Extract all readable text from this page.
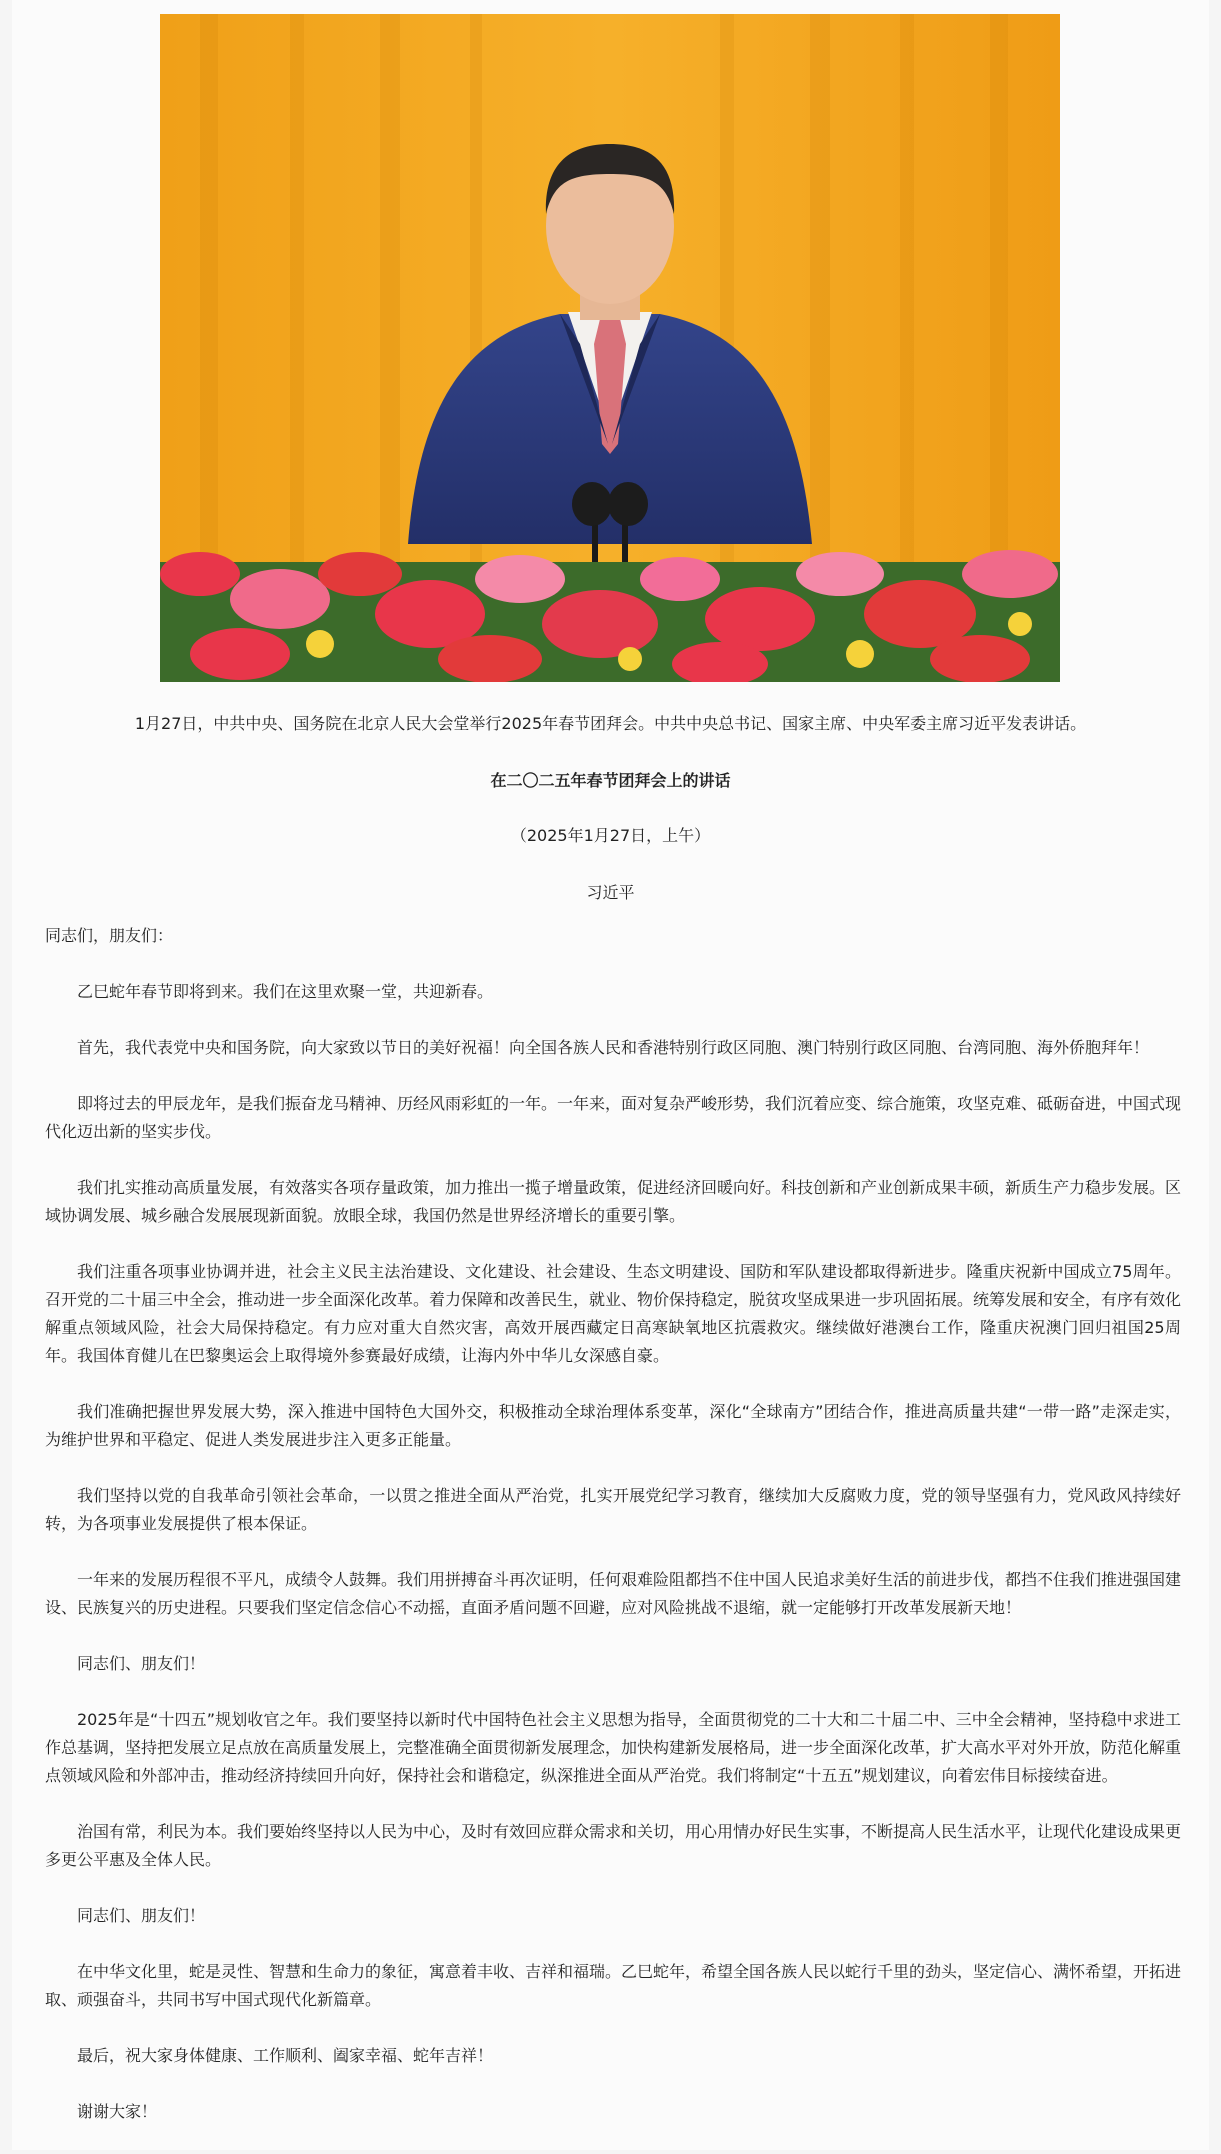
1月27日，中共中央、国务院在北京人民大会堂举行2025年春节团拜会。中共中央总书记、国家主席、中央军委主席习近平发表讲话。
在二〇二五年春节团拜会上的讲话
（2025年1月27日，上午）
习近平

同志们，朋友们：

乙巳蛇年春节即将到来。我们在这里欢聚一堂，共迎新春。

首先，我代表党中央和国务院，向大家致以节日的美好祝福！向全国各族人民和香港特别行政区同胞、澳门特别行政区同胞、台湾同胞、海外侨胞拜年！

即将过去的甲辰龙年，是我们振奋龙马精神、历经风雨彩虹的一年。一年来，面对复杂严峻形势，我们沉着应变、综合施策，攻坚克难、砥砺奋进，中国式现代化迈出新的坚实步伐。

我们扎实推动高质量发展，有效落实各项存量政策，加力推出一揽子增量政策，促进经济回暖向好。科技创新和产业创新成果丰硕，新质生产力稳步发展。区域协调发展、城乡融合发展展现新面貌。放眼全球，我国仍然是世界经济增长的重要引擎。

我们注重各项事业协调并进，社会主义民主法治建设、文化建设、社会建设、生态文明建设、国防和军队建设都取得新进步。隆重庆祝新中国成立75周年。召开党的二十届三中全会，推动进一步全面深化改革。着力保障和改善民生，就业、物价保持稳定，脱贫攻坚成果进一步巩固拓展。统筹发展和安全，有序有效化解重点领域风险，社会大局保持稳定。有力应对重大自然灾害，高效开展西藏定日高寒缺氧地区抗震救灾。继续做好港澳台工作，隆重庆祝澳门回归祖国25周年。我国体育健儿在巴黎奥运会上取得境外参赛最好成绩，让海内外中华儿女深感自豪。

我们准确把握世界发展大势，深入推进中国特色大国外交，积极推动全球治理体系变革，深化“全球南方”团结合作，推进高质量共建“一带一路”走深走实，为维护世界和平稳定、促进人类发展进步注入更多正能量。

我们坚持以党的自我革命引领社会革命，一以贯之推进全面从严治党，扎实开展党纪学习教育，继续加大反腐败力度，党的领导坚强有力，党风政风持续好转，为各项事业发展提供了根本保证。

一年来的发展历程很不平凡，成绩令人鼓舞。我们用拼搏奋斗再次证明，任何艰难险阻都挡不住中国人民追求美好生活的前进步伐，都挡不住我们推进强国建设、民族复兴的历史进程。只要我们坚定信念信心不动摇，直面矛盾问题不回避，应对风险挑战不退缩，就一定能够打开改革发展新天地！

同志们、朋友们！

2025年是“十四五”规划收官之年。我们要坚持以新时代中国特色社会主义思想为指导，全面贯彻党的二十大和二十届二中、三中全会精神，坚持稳中求进工作总基调，坚持把发展立足点放在高质量发展上，完整准确全面贯彻新发展理念，加快构建新发展格局，进一步全面深化改革，扩大高水平对外开放，防范化解重点领域风险和外部冲击，推动经济持续回升向好，保持社会和谐稳定，纵深推进全面从严治党。我们将制定“十五五”规划建议，向着宏伟目标接续奋进。

治国有常，利民为本。我们要始终坚持以人民为中心，及时有效回应群众需求和关切，用心用情办好民生实事，不断提高人民生活水平，让现代化建设成果更多更公平惠及全体人民。

同志们、朋友们！

在中华文化里，蛇是灵性、智慧和生命力的象征，寓意着丰收、吉祥和福瑞。乙巳蛇年，希望全国各族人民以蛇行千里的劲头，坚定信心、满怀希望，开拓进取、顽强奋斗，共同书写中国式现代化新篇章。

最后，祝大家身体健康、工作顺利、阖家幸福、蛇年吉祥！

谢谢大家！
